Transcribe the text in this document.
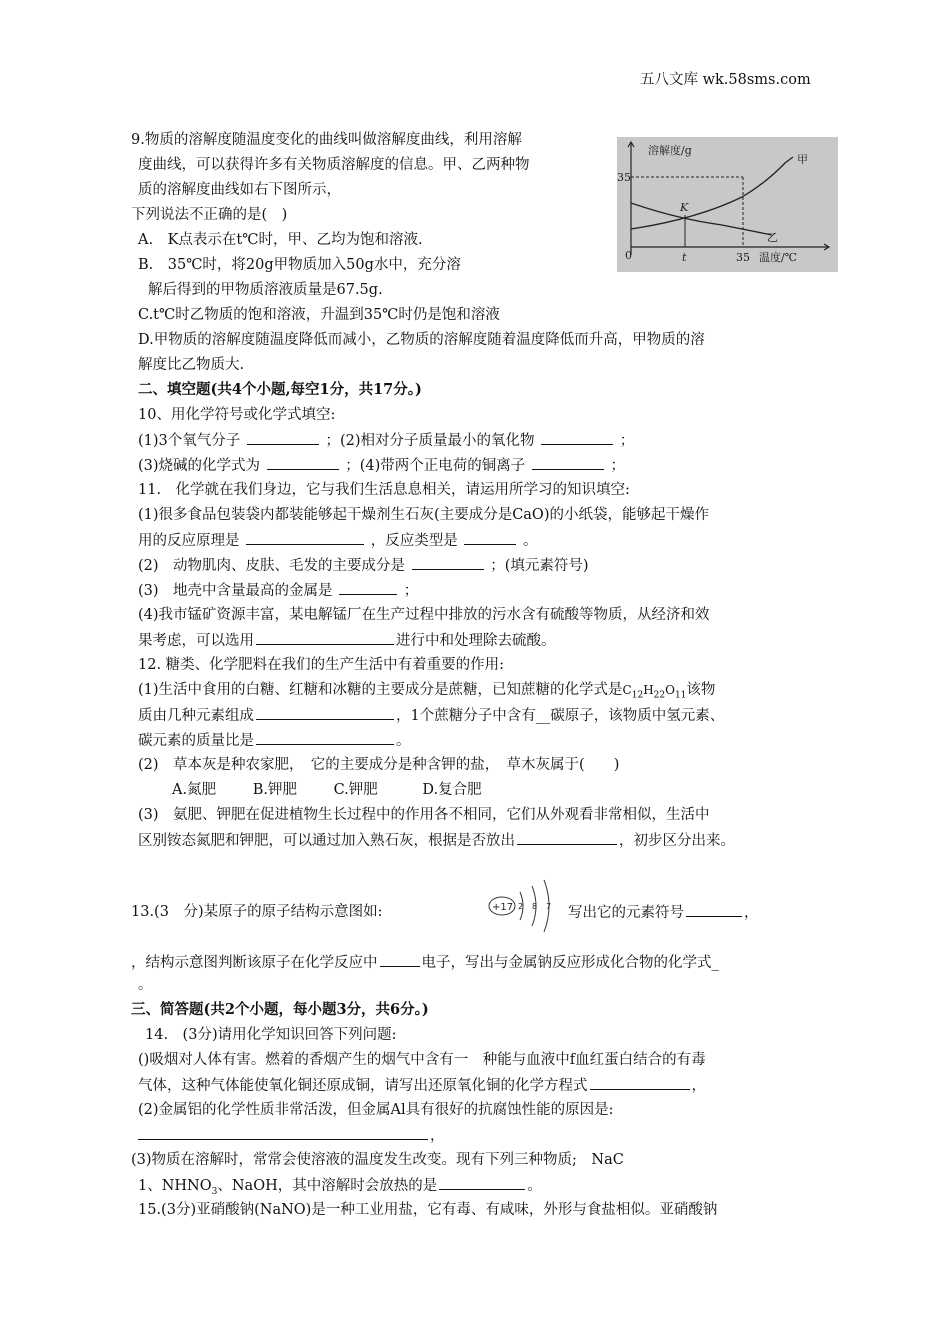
五八文库 wk.58sms.com
9.物质的溶解度随温度变化的曲线叫做溶解度曲线，利用溶解
度曲线，可以获得许多有关物质溶解度的信息。甲、乙两种物
质的溶解度曲线如右下图所示，
下列说法不正确的是(　)
A.　K点表示在t℃时，甲、乙均为饱和溶液.
B.　35℃时，将20g甲物质加入50g水中，充分溶
解后得到的甲物质溶液质量是67.5g.
C.t℃时乙物质的饱和溶液，升温到35℃时仍是饱和溶液
D.甲物质的溶解度随温度降低而减小，乙物质的溶解度随着温度降低而升高，甲物质的溶
解度比乙物质大.
溶解度/g
35
0	t	35 温度/℃
甲
乙
K
二、填空题(共4个小题,每空1分，共17分。)
10、用化学符号或化学式填空:
(1)3个氧气分子	；(2)相对分子质量最小的氧化物	；
(3)烧碱的化学式为	；(4)带两个正电荷的铜离子	；
11.　化学就在我们身边，它与我们生活息息相关，请运用所学习的知识填空:
(1)很多食品包装袋内都装能够起干燥剂生石灰(主要成分是CaO)的小纸袋，能够起干燥作
用的反应原理是	，反应类型是	。
(2)　动物肌肉、皮肤、毛发的主要成分是	；(填元素符号)
(3)　地壳中含量最高的金属是	；
(4)我市锰矿资源丰富，某电解锰厂在生产过程中排放的污水含有硫酸等物质，从经济和效
果考虑，可以选用	进行中和处理除去硫酸。
12. 糖类、化学肥料在我们的生产生活中有着重要的作用:
(1)生活中食用的白糖、红糖和冰糖的主要成分是蔗糖，已知蔗糖的化学式是$C_{12}H_{22}O_{11}$该物
质由几种元素组成	，1个蔗糖分子中含有__碳原子，该物质中氢元素、
碳元素的质量比是	。
(2)　草本灰是种农家肥，　它的主要成分是种含钾的盐，　草木灰属于(　　)
A.氮肥	B.钾肥	C.钾肥	D.复合肥
(3)　氨肥、钾肥在促进植物生长过程中的作用各不相同，它们从外观看非常相似，生活中
区别铵态氮肥和钾肥，可以通过加入熟石灰，根据是否放出	，初步区分出来。
13.(3　分)某原子的原子结构示意图如:	+17 2 8 7 写出它的元素符号	，
，结构示意图判断该原子在化学反应中	电子，写出与金属钠反应形成化合物的化学式_
。
三、简答题(共2个小题，每小题3分，共6分。)
14.　(3分)请用化学知识回答下列问题:
()吸烟对人体有害。燃着的香烟产生的烟气中含有一　种能与血液中f血红蛋白结合的有毒
气体，这种气体能使氧化铜还原成铜，请写出还原氧化铜的化学方程式	，
(2)金属铝的化学性质非常活泼，但金属Al具有很好的抗腐蚀性能的原因是:
，
(3)物质在溶解时，常常会使溶液的温度发生改变。现有下列三种物质;　NaC
1、$NHNO_3$、NaOH，其中溶解时会放热的是	。
15.(3分)亚硝酸钠(NaNO)是一种工业用盐，它有毒、有咸味，外形与食盐相似。亚硝酸钠
